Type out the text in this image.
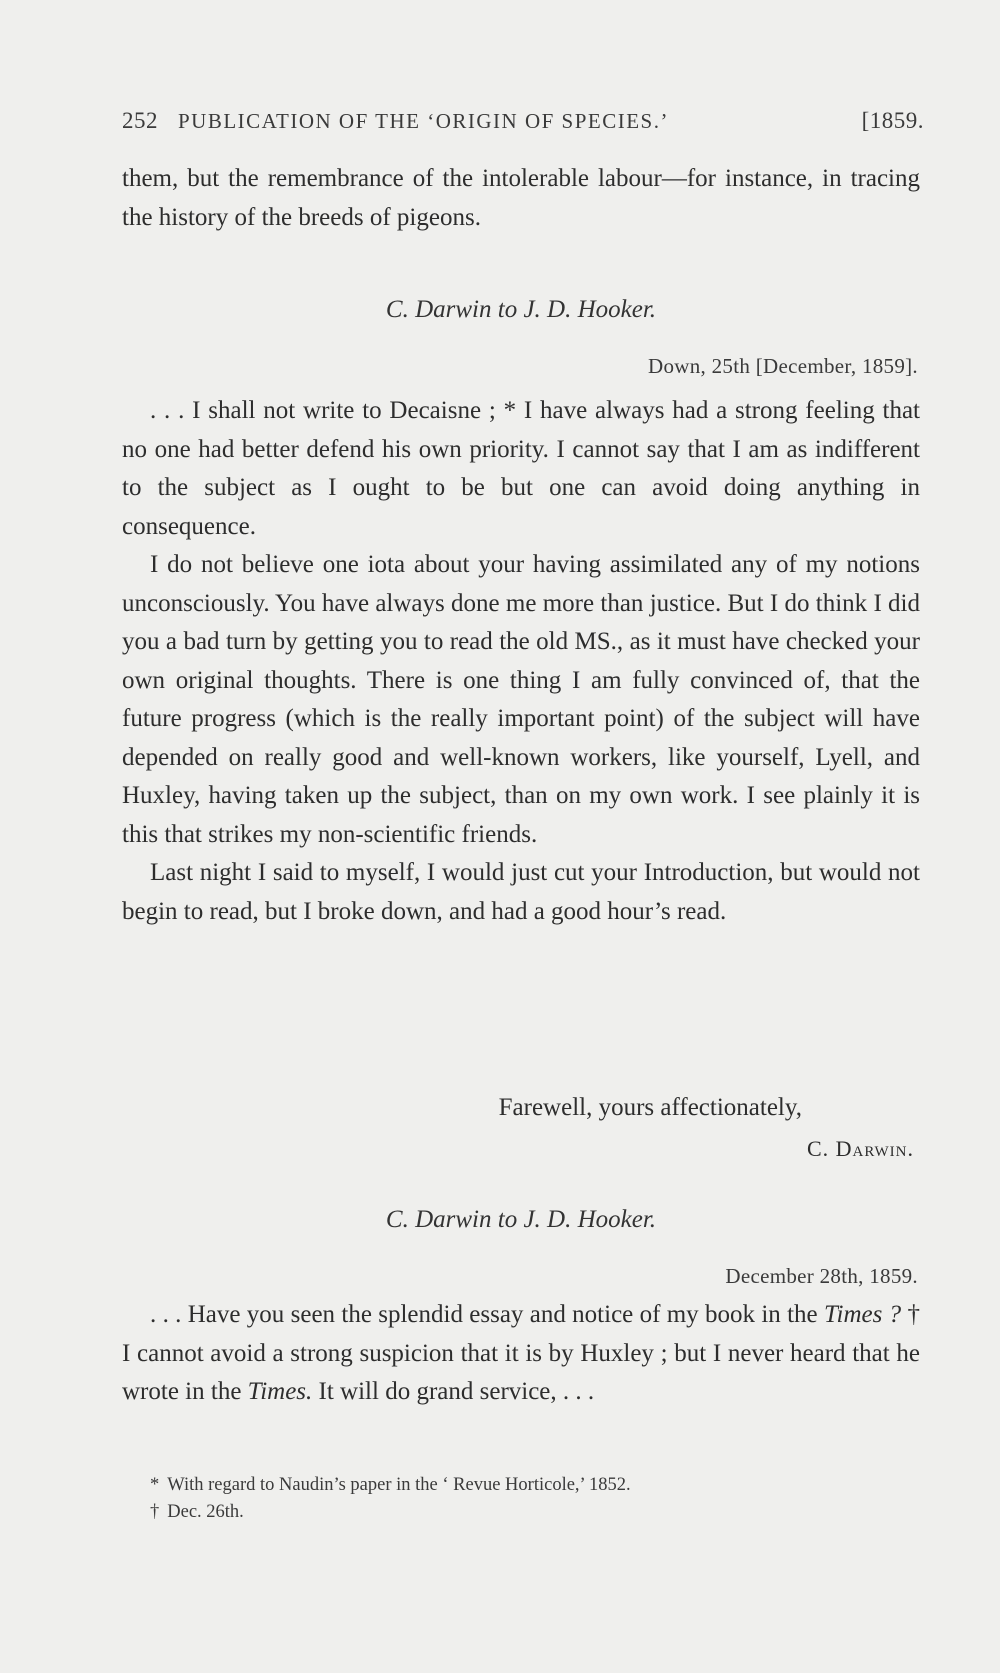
252 PUBLICATION OF THE ‘ORIGIN OF SPECIES.’	[1859.

them, but the remembrance of the intolerable labour—for instance, in tracing the history of the breeds of pigeons.

C. Darwin to J. D. Hooker.
Down, 25th [December, 1859].

. . . I shall not write to Decaisne ; * I have always had a strong feeling that no one had better defend his own priority. I cannot say that I am as indifferent to the subject as I ought to be but one can avoid doing anything in consequence.

I do not believe one iota about your having assimilated any of my notions unconsciously. You have always done me more than justice. But I do think I did you a bad turn by getting you to read the old MS., as it must have checked your own original thoughts. There is one thing I am fully convinced of, that the future progress (which is the really important point) of the subject will have depended on really good and well-known workers, like yourself, Lyell, and Huxley, having taken up the subject, than on my own work. I see plainly it is this that strikes my non-scientific friends.

Last night I said to myself, I would just cut your Introduction, but would not begin to read, but I broke down, and had a good hour’s read.

Farewell, yours affectionately,
C. Darwin.
C. Darwin to J. D. Hooker.
December 28th, 1859.

. . . Have you seen the splendid essay and notice of my book in the Times ? † I cannot avoid a strong suspicion that it is by Huxley ; but I never heard that he wrote in the Times. It will do grand service, . . .

* With regard to Naudin’s paper in the ‘ Revue Horticole,’ 1852.
† Dec. 26th.
